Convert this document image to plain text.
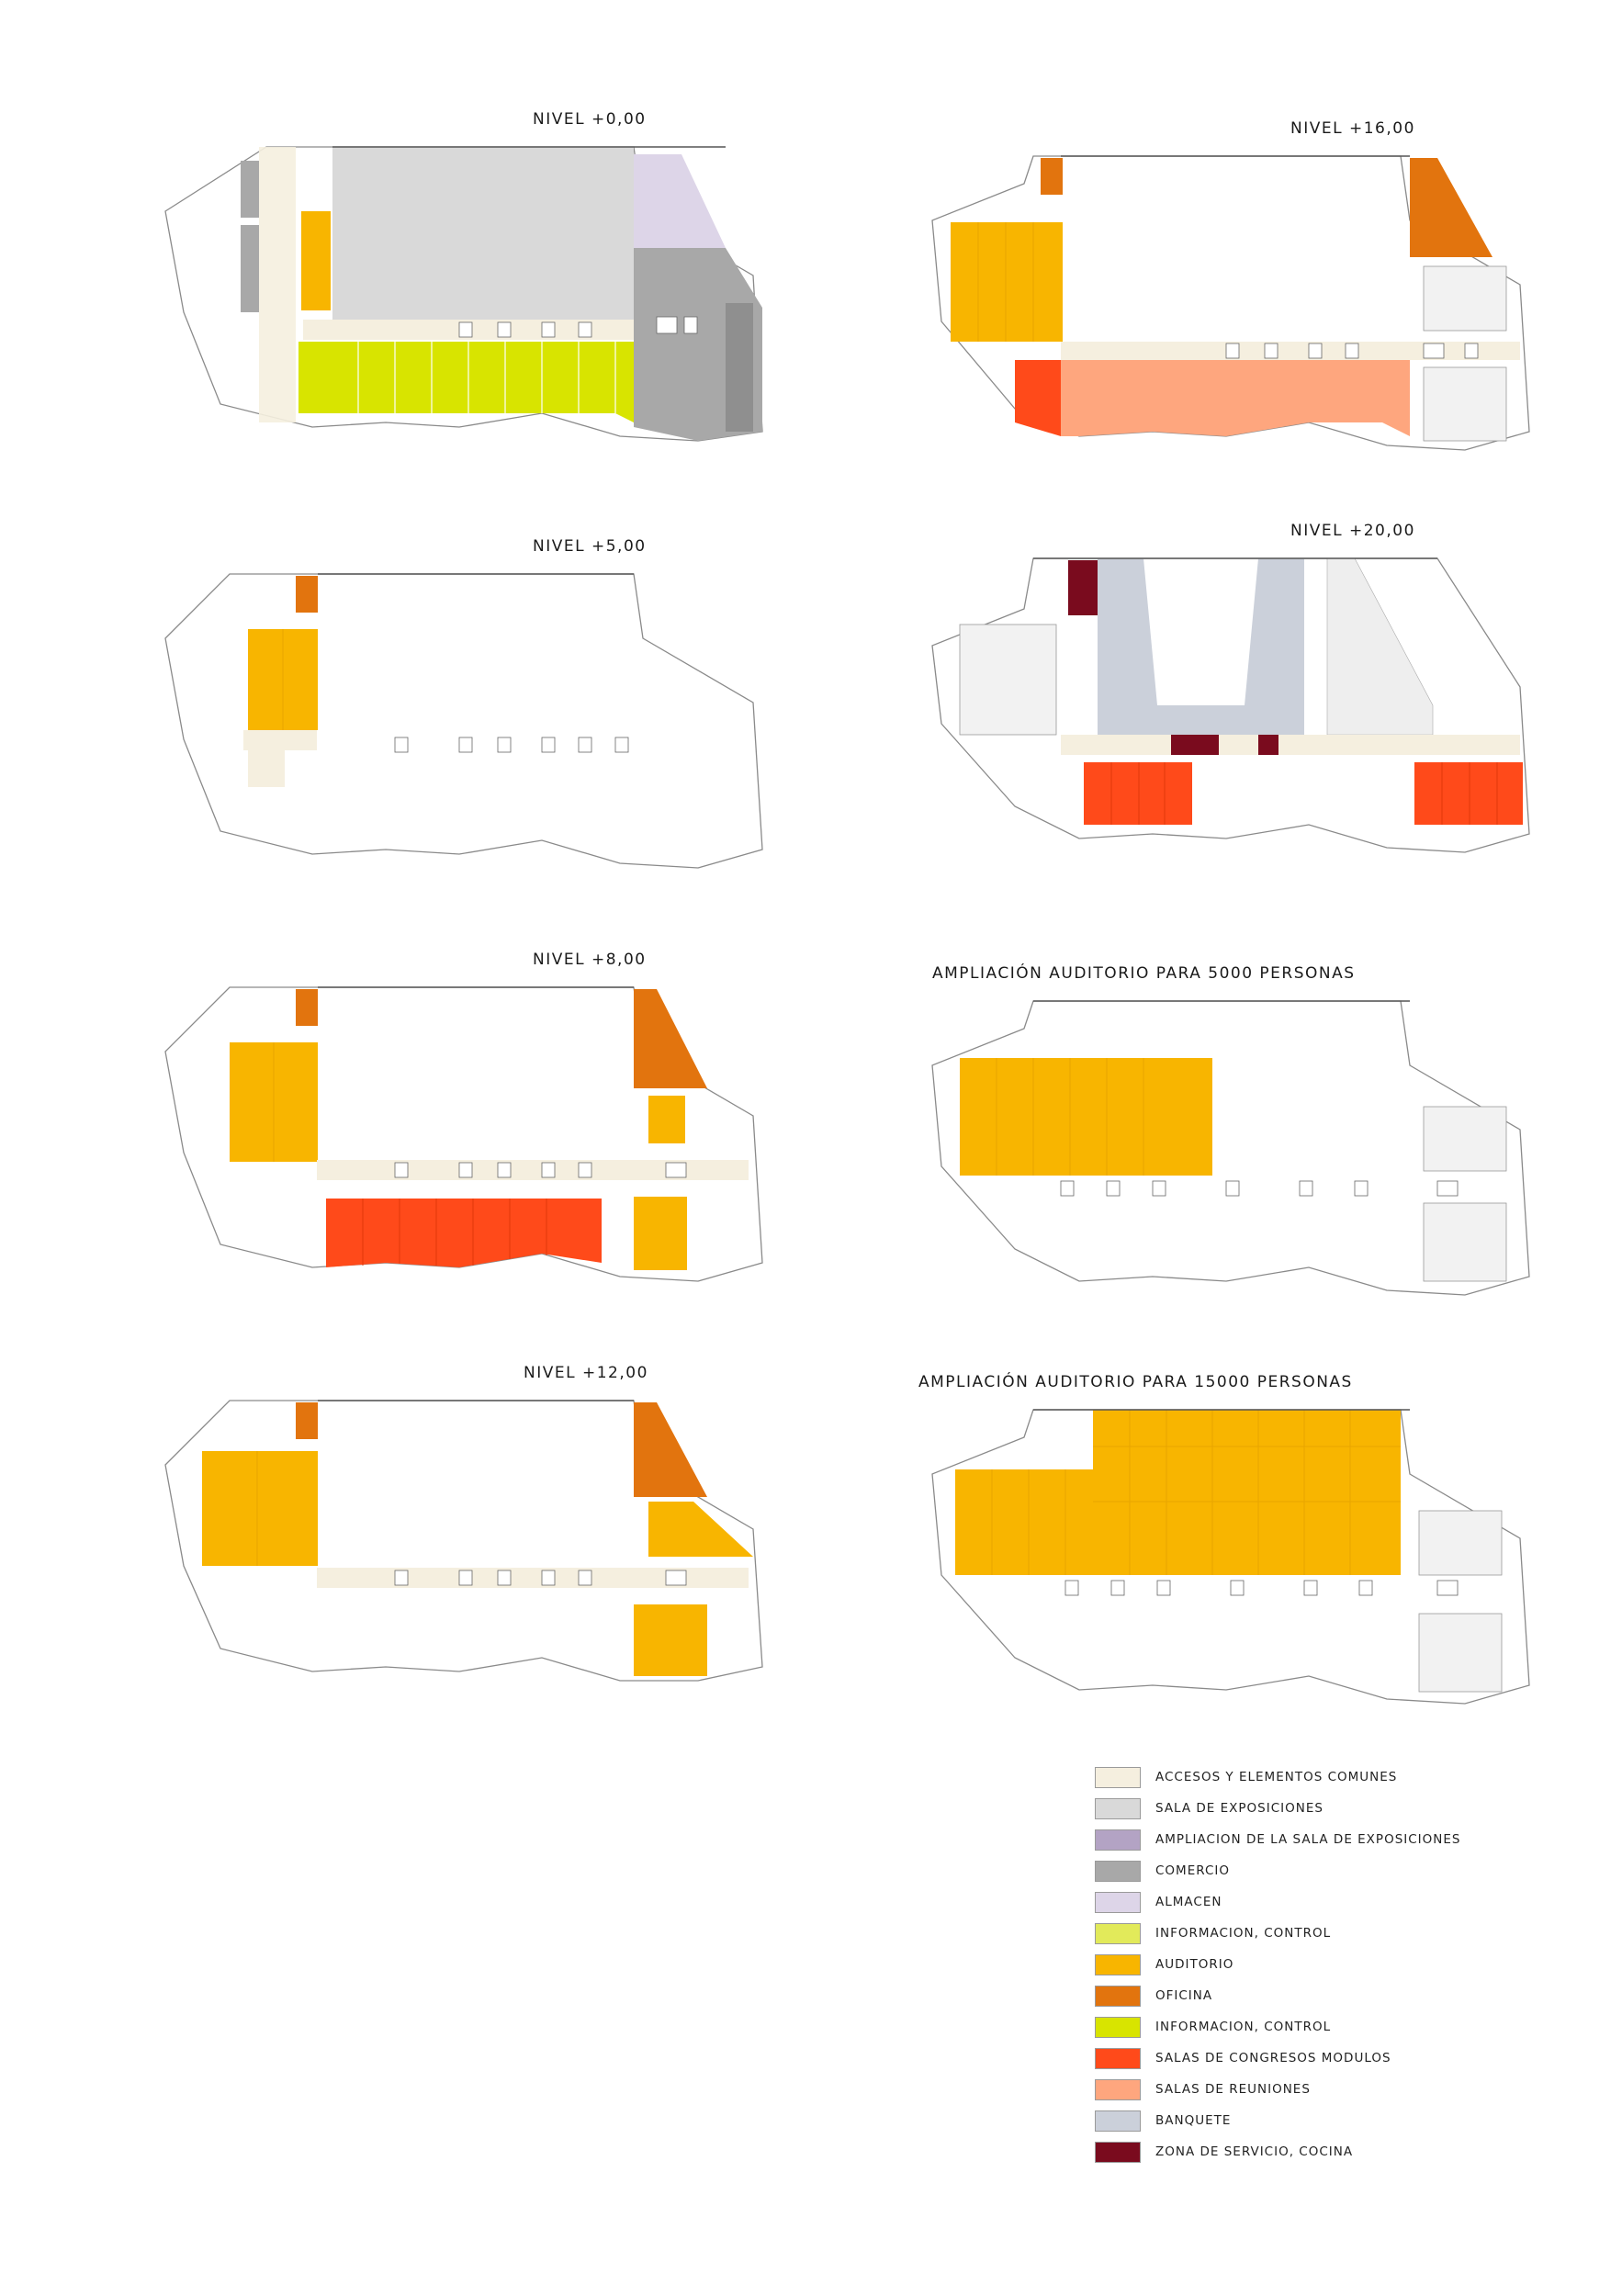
NIVEL +0,00	NIVEL +16,00
NIVEL +5,00
NIVEL +20,00
NIVEL +8,00
AMPLIACIÓN AUDITORIO PARA 5000 PERSONAS
NIVEL +12,00	AMPLIACIÓN AUDITORIO PARA 15000 PERSONAS
ACCESOS Y ELEMENTOS COMUNES
SALA DE EXPOSICIONES
AMPLIACION DE LA SALA DE EXPOSICIONES
COMERCIO
ALMACEN
INFORMACION, CONTROL
AUDITORIO
OFICINA
INFORMACION, CONTROL
SALAS DE CONGRESOS MODULOS
SALAS DE REUNIONES
BANQUETE
ZONA DE SERVICIO, COCINA
